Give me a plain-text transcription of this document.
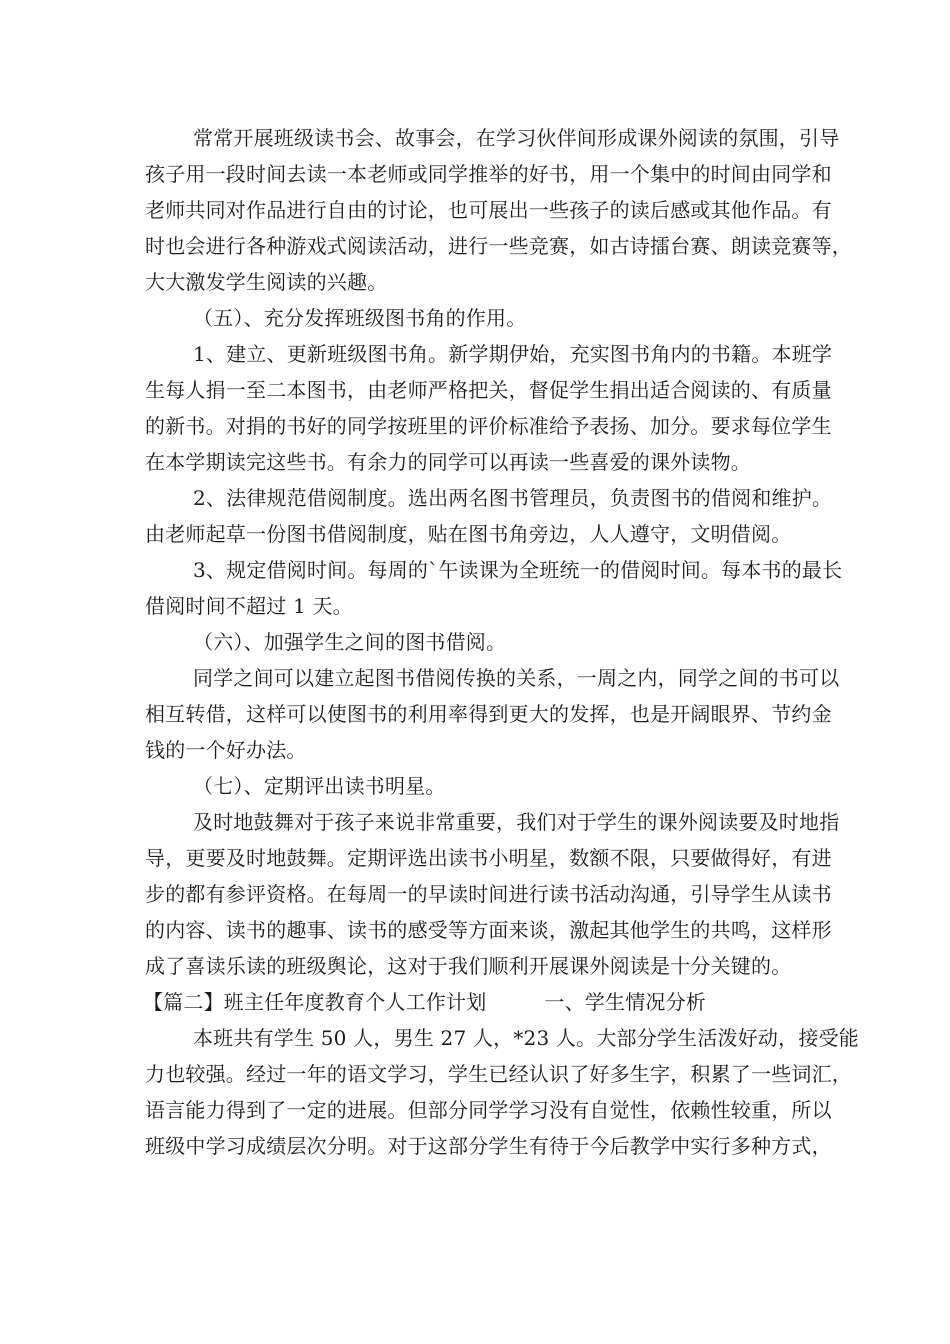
常常开展班级读书会、故事会，在学习伙伴间形成课外阅读的氛围，引导
孩子用一段时间去读一本老师或同学推举的好书，用一个集中的时间由同学和
老师共同对作品进行自由的讨论，也可展出一些孩子的读后感或其他作品。有
时也会进行各种游戏式阅读活动，进行一些竞赛，如古诗擂台赛、朗读竞赛等，
大大激发学生阅读的兴趣。
（五）、充分发挥班级图书角的作用。
1、建立、更新班级图书角。新学期伊始，充实图书角内的书籍。本班学
生每人捐一至二本图书，由老师严格把关，督促学生捐出适合阅读的、有质量
的新书。对捐的书好的同学按班里的评价标准给予表扬、加分。要求每位学生
在本学期读完这些书。有余力的同学可以再读一些喜爱的课外读物。
2、法律规范借阅制度。选出两名图书管理员，负责图书的借阅和维护。
由老师起草一份图书借阅制度，贴在图书角旁边，人人遵守，文明借阅。
3、规定借阅时间。每周的`午读课为全班统一的借阅时间。每本书的最长
借阅时间不超过 1 天。
（六）、加强学生之间的图书借阅。
同学之间可以建立起图书借阅传换的关系，一周之内，同学之间的书可以
相互转借，这样可以使图书的利用率得到更大的发挥，也是开阔眼界、节约金
钱的一个好办法。
（七）、定期评出读书明星。
及时地鼓舞对于孩子来说非常重要，我们对于学生的课外阅读要及时地指
导，更要及时地鼓舞。定期评选出读书小明星，数额不限，只要做得好，有进
步的都有参评资格。在每周一的早读时间进行读书活动沟通，引导学生从读书
的内容、读书的趣事、读书的感受等方面来谈，激起其他学生的共鸣，这样形
成了喜读乐读的班级舆论，这对于我们顺利开展课外阅读是十分关键的。
【篇二】班主任年度教育个人工作计划	一、学生情况分析
本班共有学生 50 人，男生 27 人，*23 人。大部分学生活泼好动，接受能
力也较强。经过一年的语文学习，学生已经认识了好多生字，积累了一些词汇，
语言能力得到了一定的进展。但部分同学学习没有自觉性，依赖性较重，所以
班级中学习成绩层次分明。对于这部分学生有待于今后教学中实行多种方式，
